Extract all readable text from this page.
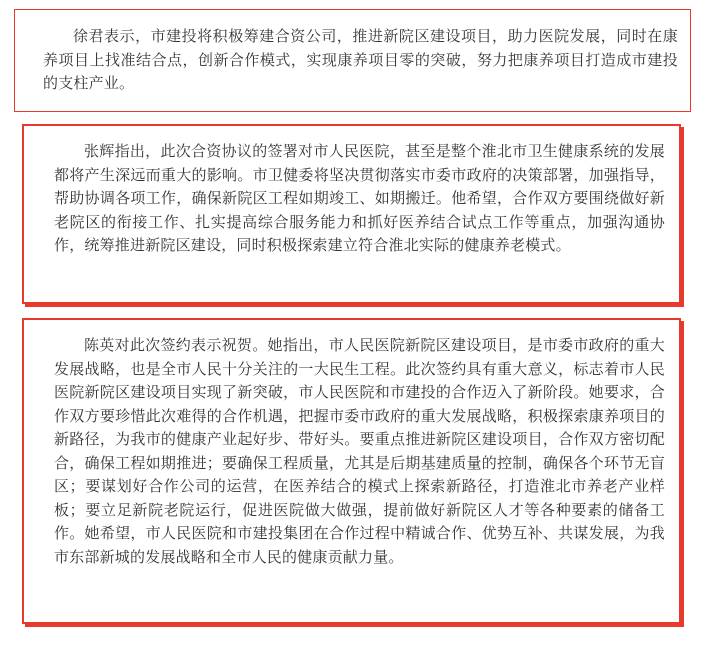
徐君表示，市建投将积极筹建合资公司，推进新院区建设项目，助力医院发展，同时在康养项目上找准结合点，创新合作模式，实现康养项目零的突破，努力把康养项目打造成市建投的支柱产业。

张辉指出，此次合资协议的签署对市人民医院，甚至是整个淮北市卫生健康系统的发展都将产生深远而重大的影响。市卫健委将坚决贯彻落实市委市政府的决策部署，加强指导，帮助协调各项工作，确保新院区工程如期竣工、如期搬迁。他希望，合作双方要围绕做好新老院区的衔接工作、扎实提高综合服务能力和抓好医养结合试点工作等重点，加强沟通协作，统筹推进新院区建设，同时积极探索建立符合淮北实际的健康养老模式。

陈英对此次签约表示祝贺。她指出，市人民医院新院区建设项目，是市委市政府的重大发展战略，也是全市人民十分关注的一大民生工程。此次签约具有重大意义，标志着市人民医院新院区建设项目实现了新突破，市人民医院和市建投的合作迈入了新阶段。她要求，合作双方要珍惜此次难得的合作机遇，把握市委市政府的重大发展战略，积极探索康养项目的新路径，为我市的健康产业起好步、带好头。要重点推进新院区建设项目，合作双方密切配合，确保工程如期推进；要确保工程质量，尤其是后期基建质量的控制，确保各个环节无盲区；要谋划好合作公司的运营，在医养结合的模式上探索新路径，打造淮北市养老产业样板；要立足新院老院运行，促进医院做大做强，提前做好新院区人才等各种要素的储备工作。她希望，市人民医院和市建投集团在合作过程中精诚合作、优势互补、共谋发展，为我市东部新城的发展战略和全市人民的健康贡献力量。
